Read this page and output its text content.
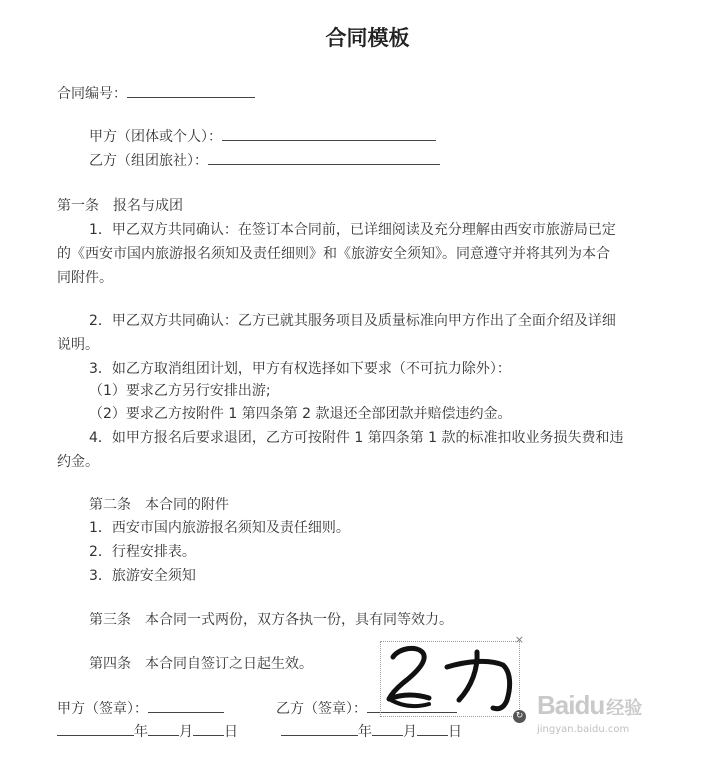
合同模板
合同编号：
甲方（团体或个人）：
乙方（组团旅社）：
第一条　报名与成团
1．甲乙双方共同确认：在签订本合同前，已详细阅读及充分理解由西安市旅游局已定
的《西安市国内旅游报名须知及责任细则》和《旅游安全须知》。同意遵守并将其列为本合
同附件。
2．甲乙双方共同确认：乙方已就其服务项目及质量标准向甲方作出了全面介绍及详细
说明。
3．如乙方取消组团计划，甲方有权选择如下要求（不可抗力除外）：
（1）要求乙方另行安排出游;
（2）要求乙方按附件 1 第四条第 2 款退还全部团款并赔偿违约金。
4．如甲方报名后要求退团，乙方可按附件 1 第四条第 1 款的标准扣收业务损失费和违
约金。
第二条　本合同的附件
1．西安市国内旅游报名须知及责任细则。
2．行程安排表。
3．旅游安全须知
第三条　本合同一式两份，双方各执一份，具有同等效力。
第四条　本合同自签订之日起生效。
甲方（签章）：	乙方（签章）：
年 月 日	年 月 日
×
↻ Baidu 经验
jingyan.baidu.com
